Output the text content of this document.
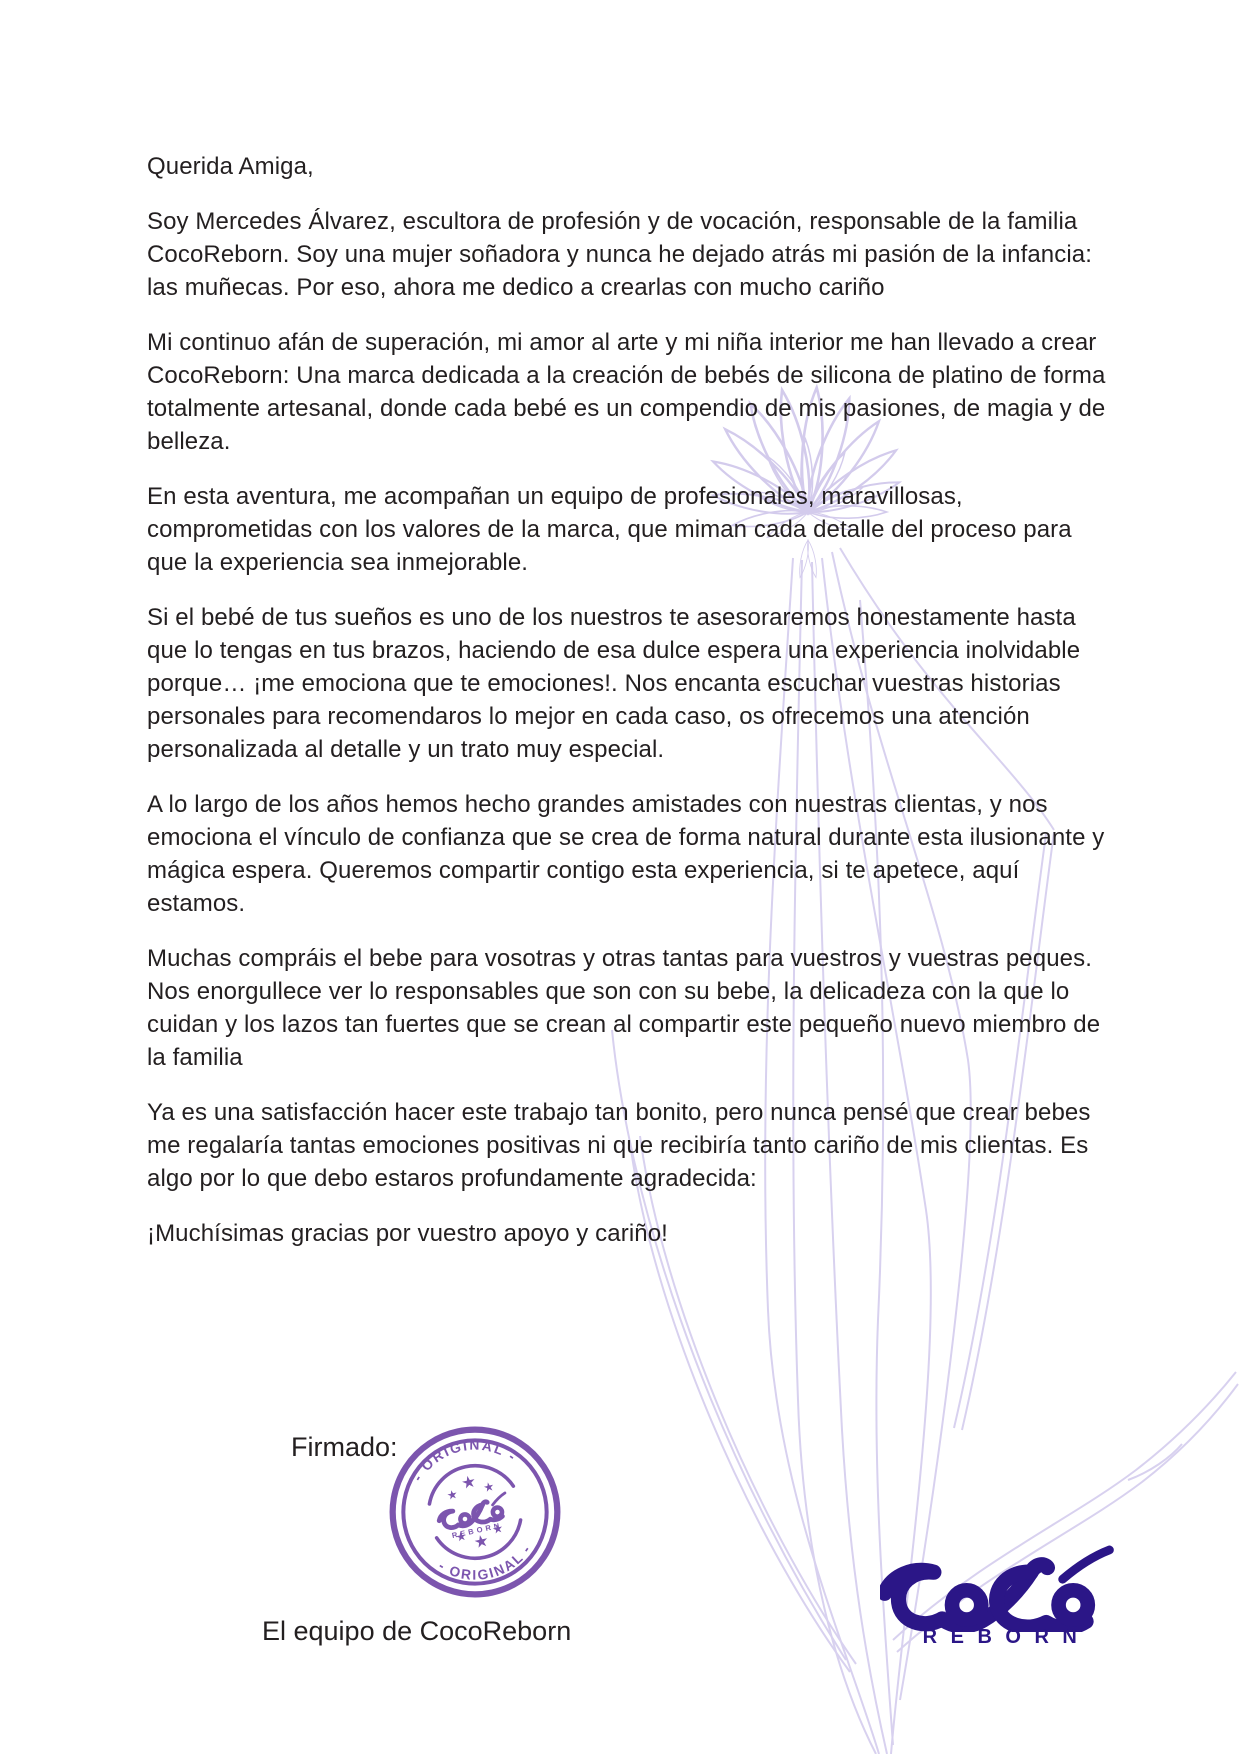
Querida Amiga,

Soy Mercedes Álvarez, escultora de profesión y de vocación, responsable de la familia CocoReborn. Soy una mujer soñadora y nunca he dejado atrás mi pasión de la infancia: las muñecas. Por eso, ahora me dedico a crearlas con mucho cariño

Mi continuo afán de superación, mi amor al arte y mi niña interior me han llevado a crear CocoReborn: Una marca dedicada a la creación de bebés de silicona de platino de forma totalmente artesanal, donde cada bebé es un compendio de mis pasiones, de magia y de belleza.

En esta aventura, me acompañan un equipo de profesionales, maravillosas, comprometidas con los valores de la marca, que miman cada detalle del proceso para que la experiencia sea inmejorable.

Si el bebé de tus sueños es uno de los nuestros te asesoraremos honestamente hasta que lo tengas en tus brazos, haciendo de esa dulce espera una experiencia inolvidable porque… ¡me emociona que te emociones!. Nos encanta escuchar vuestras historias personales para recomendaros lo mejor en cada caso, os ofrecemos una atención personalizada al detalle y un trato muy especial.

A lo largo de los años hemos hecho grandes amistades con nuestras clientas, y nos emociona el vínculo de confianza que se crea de forma natural durante esta ilusionante y mágica espera. Queremos compartir contigo esta experiencia, si te apetece, aquí estamos.

Muchas compráis el bebe para vosotras y otras tantas para vuestros y vuestras peques. Nos enorgullece ver lo responsables que son con su bebe, la delicadeza con la que lo cuidan y los lazos tan fuertes que se crean al compartir este pequeño nuevo miembro de la familia

Ya es una satisfacción hacer este trabajo tan bonito, pero nunca pensé que crear bebes me regalaría tantas emociones positivas ni que recibiría tanto cariño de mis clientas. Es algo por lo que debo estaros profundamente agradecida:

¡Muchísimas gracias por vuestro apoyo y cariño!

Firmado:
- ORIGINAL -
- ORIGINAL -
REBORN
El equipo de CocoReborn	REBORN
